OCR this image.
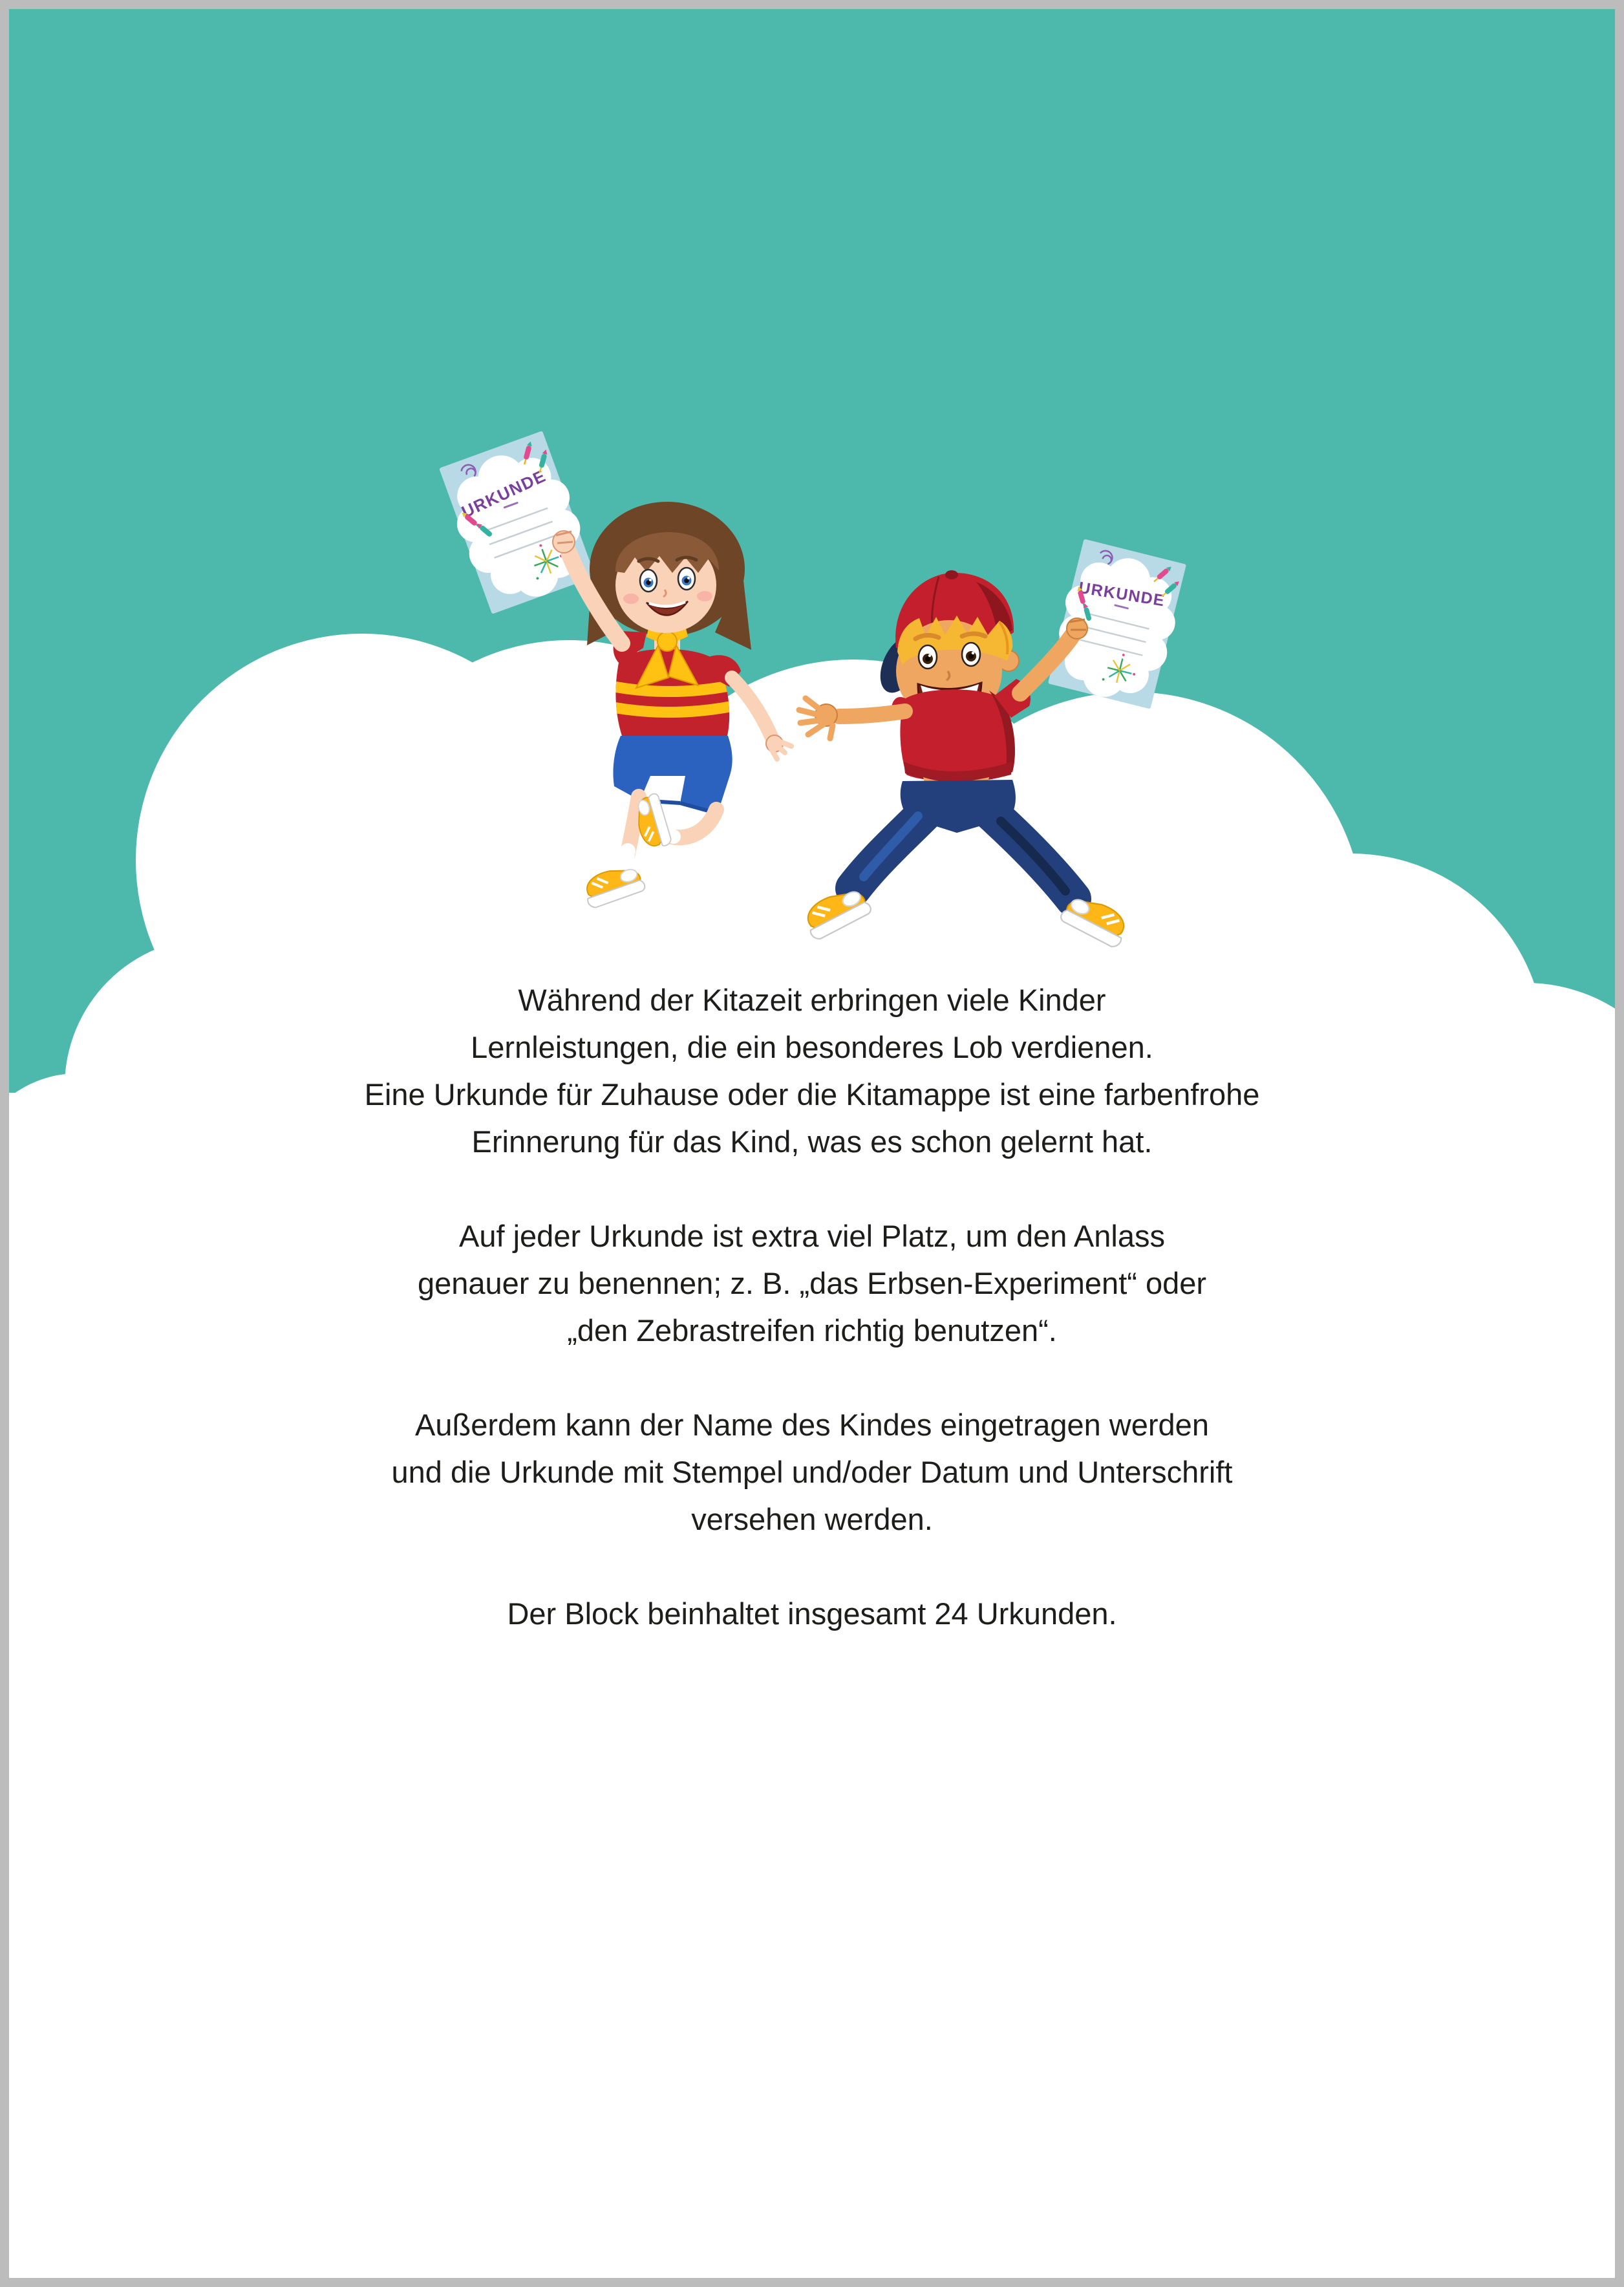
Während der Kitazeit erbringen viele Kinder
Lernleistungen, die ein besonderes Lob verdienen.
Eine Urkunde für Zuhause oder die Kitamappe ist eine farbenfrohe
Erinnerung für das Kind, was es schon gelernt hat.

Auf jeder Urkunde ist extra viel Platz, um den Anlass
genauer zu benennen; z. B. „das Erbsen-Experiment“ oder
„den Zebrastreifen richtig benutzen“.

Außerdem kann der Name des Kindes eingetragen werden
und die Urkunde mit Stempel und/oder Datum und Unterschrift
versehen werden.

Der Block beinhaltet insgesamt 24 Urkunden.
